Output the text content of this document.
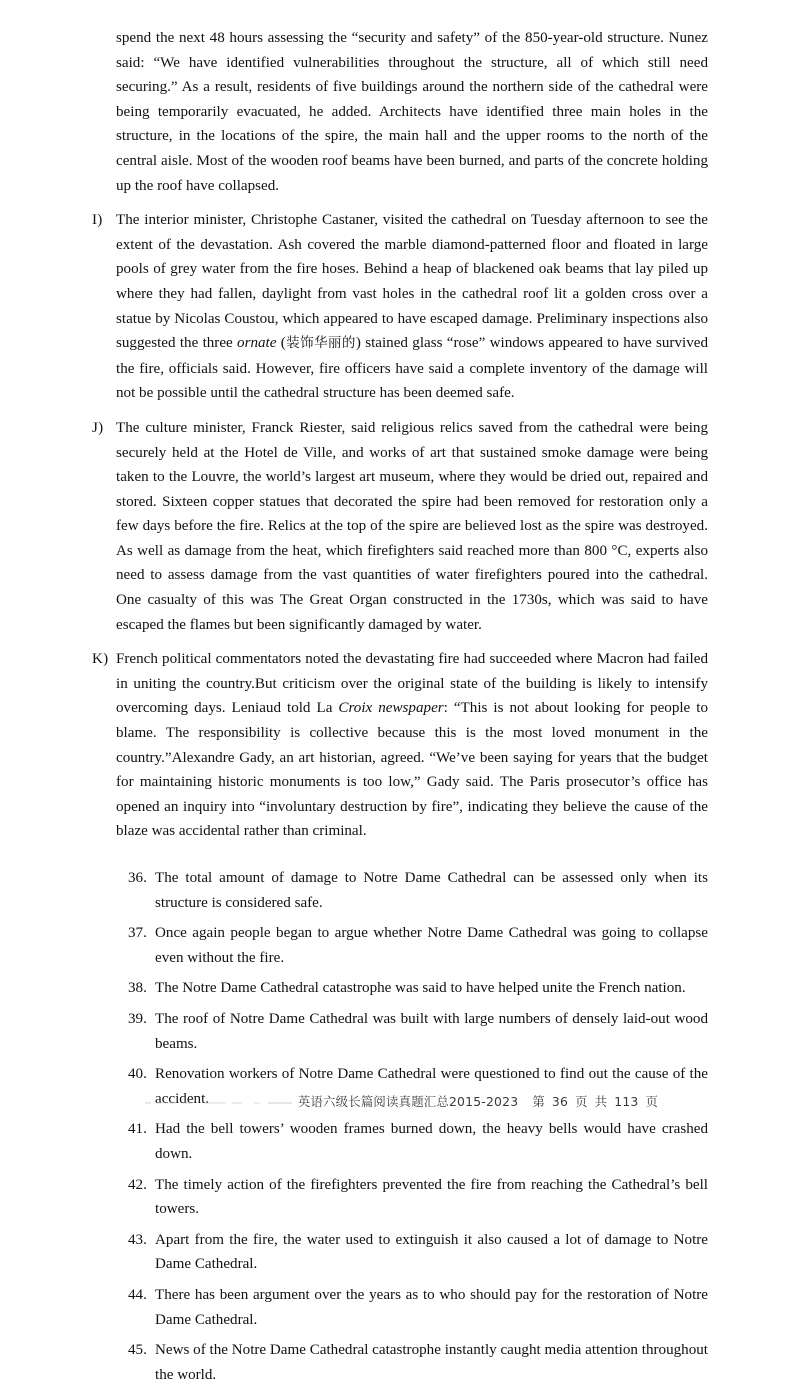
spend the next 48 hours assessing the “security and safety” of the 850-year-old structure. Nunez said: “We have identified vulnerabilities throughout the structure, all of which still need securing.” As a result, residents of five buildings around the northern side of the cathedral were being temporarily evacuated, he added. Architects have identified three main holes in the structure, in the locations of the spire, the main hall and the upper rooms to the north of the central aisle. Most of the wooden roof beams have been burned, and parts of the concrete holding up the roof have collapsed.
I) The interior minister, Christophe Castaner, visited the cathedral on Tuesday afternoon to see the extent of the devastation. Ash covered the marble diamond-patterned floor and floated in large pools of grey water from the fire hoses. Behind a heap of blackened oak beams that lay piled up where they had fallen, daylight from vast holes in the cathedral roof lit a golden cross over a statue by Nicolas Coustou, which appeared to have escaped damage. Preliminary inspections also suggested the three ornate (装饰华丽的) stained glass “rose” windows appeared to have survived the fire, officials said. However, fire officers have said a complete inventory of the damage will not be possible until the cathedral structure has been deemed safe.
J) The culture minister, Franck Riester, said religious relics saved from the cathedral were being securely held at the Hotel de Ville, and works of art that sustained smoke damage were being taken to the Louvre, the world’s largest art museum, where they would be dried out, repaired and stored. Sixteen copper statues that decorated the spire had been removed for restoration only a few days before the fire. Relics at the top of the spire are believed lost as the spire was destroyed. As well as damage from the heat, which firefighters said reached more than 800 °C, experts also need to assess damage from the vast quantities of water firefighters poured into the cathedral. One casualty of this was The Great Organ constructed in the 1730s, which was said to have escaped the flames but been significantly damaged by water.
K) French political commentators noted the devastating fire had succeeded where Macron had failed in uniting the country.But criticism over the original state of the building is likely to intensify overcoming days. Leniaud told La Croix newspaper: “This is not about looking for people to blame. The responsibility is collective because this is the most loved monument in the country.”Alexandre Gady, an art historian, agreed. “We’ve been saying for years that the budget for maintaining historic monuments is too low,” Gady said. The Paris prosecutor’s office has opened an inquiry into “involuntary destruction by fire”, indicating they believe the cause of the blaze was accidental rather than criminal.
36. The total amount of damage to Notre Dame Cathedral can be assessed only when its structure is considered safe.
37. Once again people began to argue whether Notre Dame Cathedral was going to collapse even without the fire.
38. The Notre Dame Cathedral catastrophe was said to have helped unite the French nation.
39. The roof of Notre Dame Cathedral was built with large numbers of densely laid-out wood beams.
40. Renovation workers of Notre Dame Cathedral were questioned to find out the cause of the accident.
41. Had the bell towers’ wooden frames burned down, the heavy bells would have crashed down.
42. The timely action of the firefighters prevented the fire from reaching the Cathedral’s bell towers.
43. Apart from the fire, the water used to extinguish it also caused a lot of damage to Notre Dame Cathedral.
44. There has been argument over the years as to who should pay for the restoration of Notre Dame Cathedral.
45. News of the Notre Dame Cathedral catastrophe instantly caught media attention throughout the world.
英语六级长篇阅读真题汇总2015-2023 第 36 页 共 113 页
